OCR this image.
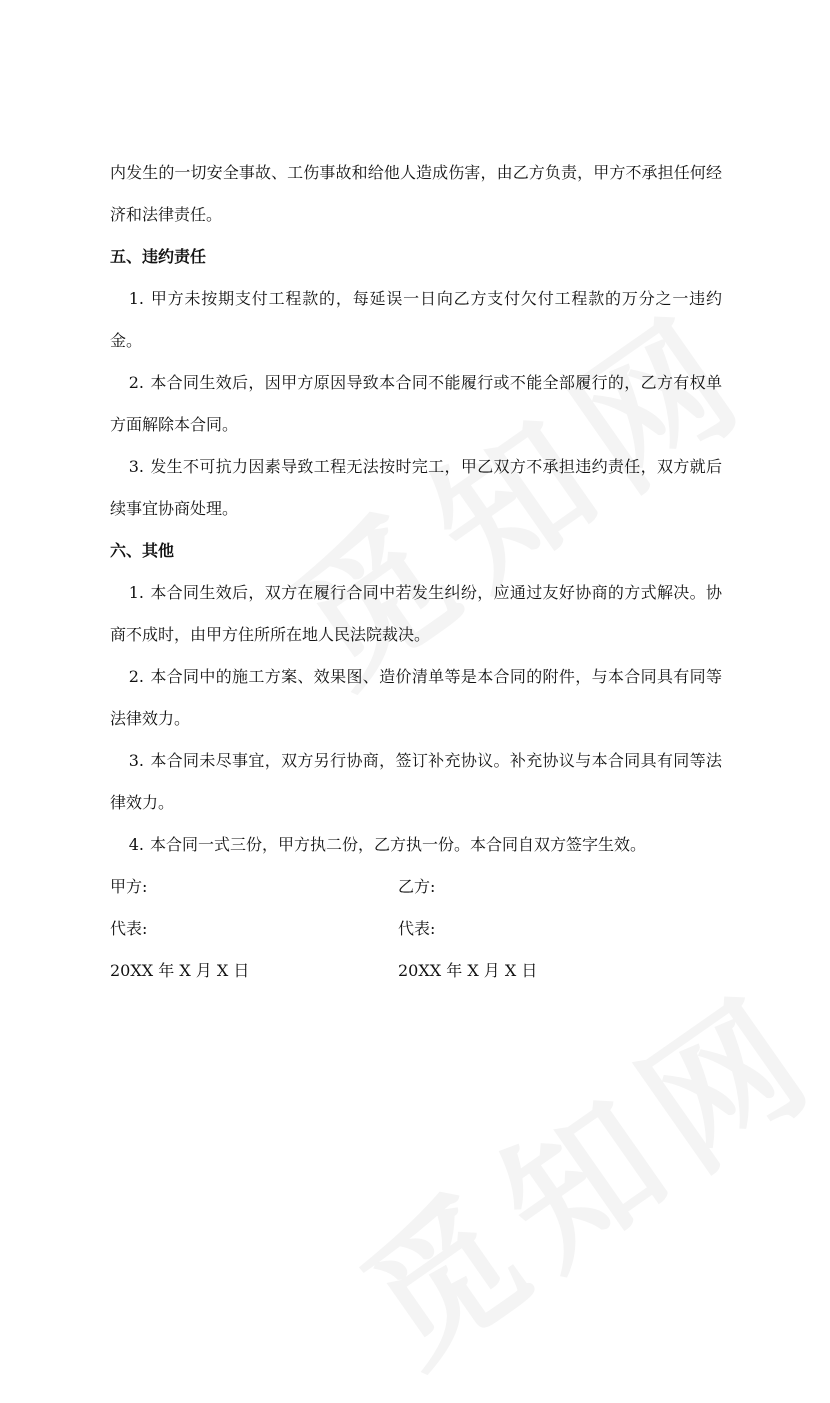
内发生的一切安全事故、工伤事故和给他人造成伤害，由乙方负责，甲方不承担任何经济和法律责任。

五、违约责任

1. 甲方未按期支付工程款的，每延误一日向乙方支付欠付工程款的万分之一违约金。

2. 本合同生效后，因甲方原因导致本合同不能履行或不能全部履行的，乙方有权单方面解除本合同。

3. 发生不可抗力因素导致工程无法按时完工，甲乙双方不承担违约责任，双方就后续事宜协商处理。

六、其他

1. 本合同生效后，双方在履行合同中若发生纠纷，应通过友好协商的方式解决。协商不成时，由甲方住所所在地人民法院裁决。

2. 本合同中的施工方案、效果图、造价清单等是本合同的附件，与本合同具有同等法律效力。

3. 本合同未尽事宜，双方另行协商，签订补充协议。补充协议与本合同具有同等法律效力。

4. 本合同一式三份，甲方执二份，乙方执一份。本合同自双方签字生效。

甲方:	乙方:
代表:	代表:
20XX 年 X 月 X 日	20XX 年 X 月 X 日
